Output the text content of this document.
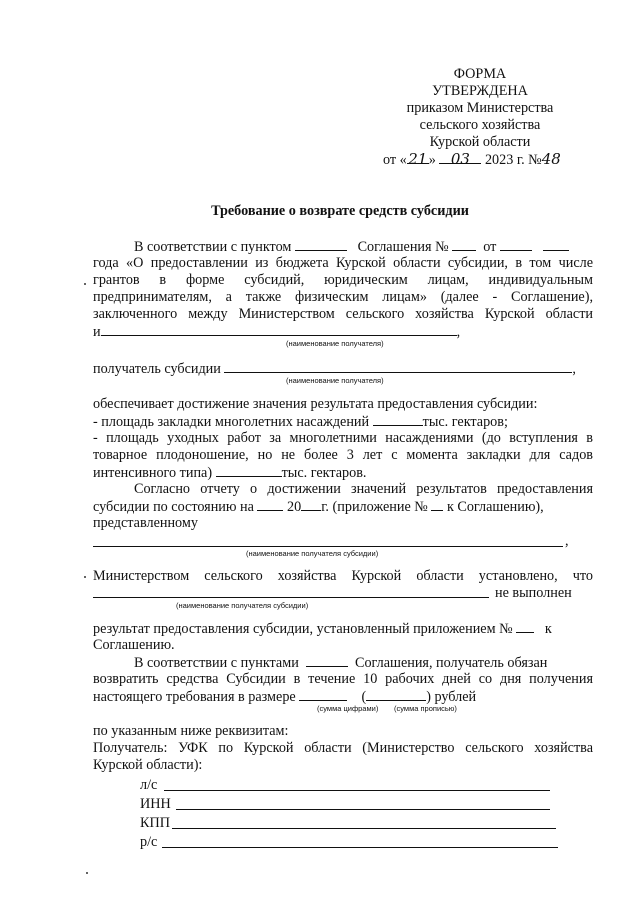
ФОРМА
УТВЕРЖДЕНА
приказом Министерства
сельского хозяйства
Курской области
от «21» 03 2023 г. №48
Требование о возврате средств субсидии
В соответствии с пунктом	Соглашения № от
года «О предоставлении из бюджета Курской области субсидии, в том числе
грантов в форме субсидий, юридическим лицам, индивидуальным
предпринимателям, а также физическим лицам» (далее - Соглашение),
заключенного между Министерством сельского хозяйства Курской области
и	,
(наименование получателя)
получатель субсидии	,
(наименование получателя)
обеспечивает достижение значения результата предоставления субсидии:
- площадь закладки многолетних насаждений	тыс. гектаров;
- площадь уходных работ за многолетними насаждениями (до вступления в
товарное плодоношение, но не более 3 лет с момента закладки для садов
интенсивного типа)	тыс. гектаров.
Согласно отчету о достижении значений результатов предоставления
субсидии по состоянию на 20 г. (приложение № к Соглашению),
представленному
,
(наименование получателя субсидии)
Министерством сельского хозяйства Курской области установлено, что
не выполнен
(наименование получателя субсидии)
результат предоставления субсидии, установленный приложением № к
Соглашению.
В соответствии с пунктами	Соглашения, получатель обязан
возвратить средства Субсидии в течение 10 рабочих дней со дня получения
настоящего требования в размере	(	) рублей
(сумма цифрами) (сумма прописью)
по указанным ниже реквизитам:
Получатель: УФК по Курской области (Министерство сельского хозяйства
Курской области):
л/с
ИНН
КПП
р/с
